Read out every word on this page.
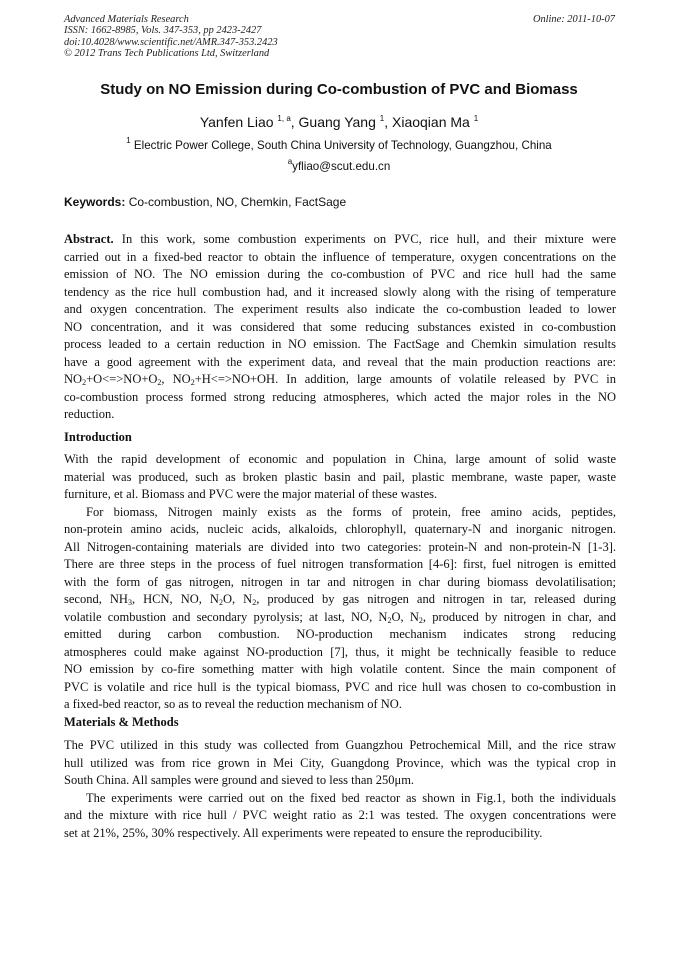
Advanced Materials Research
ISSN: 1662-8985, Vols. 347-353, pp 2423-2427
doi:10.4028/www.scientific.net/AMR.347-353.2423
© 2012 Trans Tech Publications Ltd, Switzerland
Online: 2011-10-07
Study on NO Emission during Co-combustion of PVC and Biomass
Yanfen Liao $^{1, a}$, Guang Yang $^1$, Xiaoqian Ma $^1$
$^1$ Electric Power College, South China University of Technology, Guangzhou, China
$^a$yfliao@scut.edu.cn
Keywords: Co-combustion, NO, Chemkin, FactSage
Abstract. In this work, some combustion experiments on PVC, rice hull, and their mixture were
carried out in a fixed-bed reactor to obtain the influence of temperature, oxygen concentrations on the
emission of NO. The NO emission during the co-combustion of PVC and rice hull had the same
tendency as the rice hull combustion had, and it increased slowly along with the rising of temperature
and oxygen concentration. The experiment results also indicate the co-combustion leaded to lower
NO concentration, and it was considered that some reducing substances existed in co-combustion
process leaded to a certain reduction in NO emission. The FactSage and Chemkin simulation results
have a good agreement with the experiment data, and reveal that the main production reactions are:
$NO_2+O<=>NO+O_2$, $NO_2+H<=>NO+OH$. In addition, large amounts of volatile released by PVC in
co-combustion process formed strong reducing atmospheres, which acted the major roles in the NO
reduction.
Introduction
With the rapid development of economic and population in China, large amount of solid waste
material was produced, such as broken plastic basin and pail, plastic membrane, waste paper, waste
furniture, et al. Biomass and PVC were the major material of these wastes.
For biomass, Nitrogen mainly exists as the forms of protein, free amino acids, peptides,
non-protein amino acids, nucleic acids, alkaloids, chlorophyll, quaternary-N and inorganic nitrogen.
All Nitrogen-containing materials are divided into two categories: protein-N and non-protein-N [1-3].
There are three steps in the process of fuel nitrogen transformation [4-6]: first, fuel nitrogen is emitted
with the form of gas nitrogen, nitrogen in tar and nitrogen in char during biomass devolatilisation;
second, $NH_3$, HCN, NO, $N_2O$, $N_2$, produced by gas nitrogen and nitrogen in tar, released during
volatile combustion and secondary pyrolysis; at last, NO, $N_2O$, $N_2$, produced by nitrogen in char, and
emitted during carbon combustion. NO-production mechanism indicates strong reducing
atmospheres could make against NO-production [7], thus, it might be technically feasible to reduce
NO emission by co-fire something matter with high volatile content. Since the main component of
PVC is volatile and rice hull is the typical biomass, PVC and rice hull was chosen to co-combustion in
a fixed-bed reactor, so as to reveal the reduction mechanism of NO.
Materials & Methods
The PVC utilized in this study was collected from Guangzhou Petrochemical Mill, and the rice straw
hull utilized was from rice grown in Mei City, Guangdong Province, which was the typical crop in
South China. All samples were ground and sieved to less than 250μm.
The experiments were carried out on the fixed bed reactor as shown in Fig.1, both the individuals
and the mixture with rice hull / PVC weight ratio as 2:1 was tested. The oxygen concentrations were
set at 21%, 25%, 30% respectively. All experiments were repeated to ensure the reproducibility.
